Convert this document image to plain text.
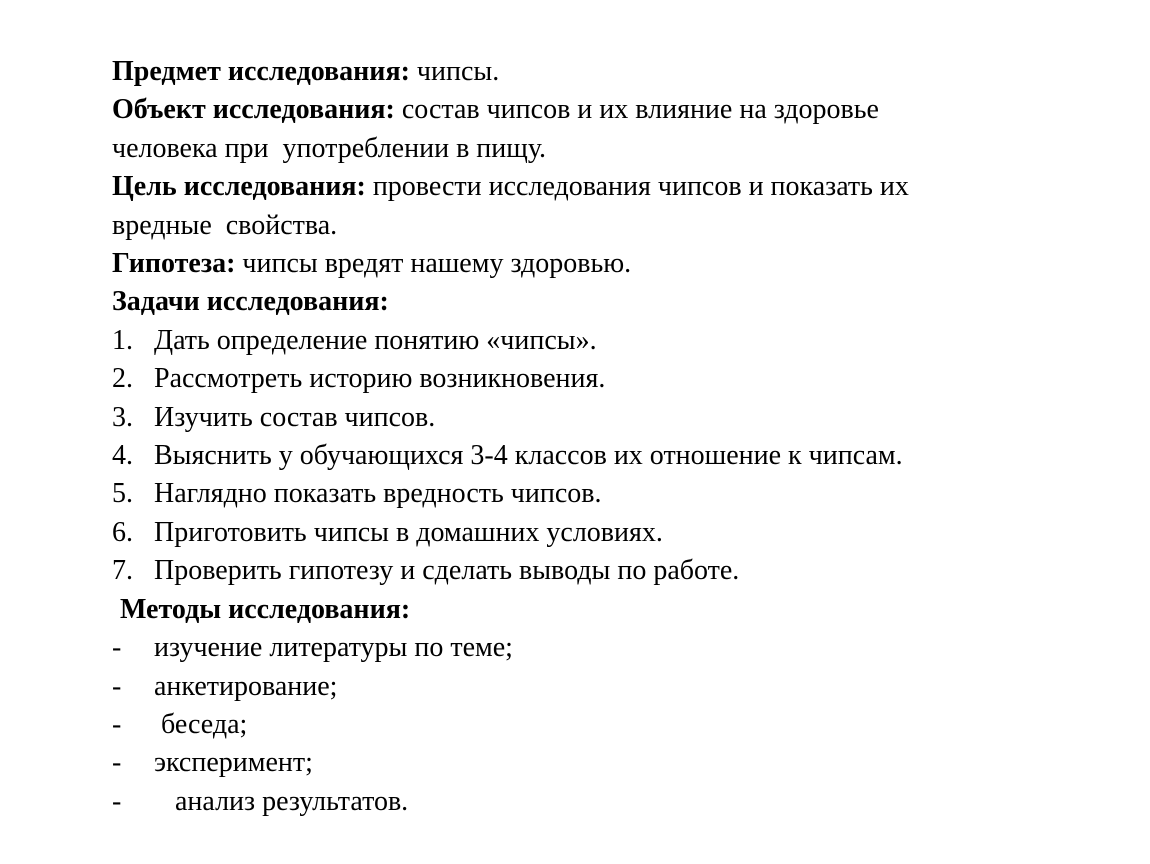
Предмет исследования: чипсы.

Объект исследования: состав чипсов и их влияние на здоровье

человека при  употреблении в пищу.

Цель исследования: провести исследования чипсов и показать их

вредные  свойства.

Гипотеза: чипсы вредят нашему здоровью.

Задачи исследования:

1. Дать определение понятию «чипсы».
2. Рассмотреть историю возникновения.
3. Изучить состав чипсов.
4. Выяснить у обучающихся 3-4 классов их отношение к чипсам.
5. Наглядно показать вредность чипсов.
6. Приготовить чипсы в домашних условиях.
7. Проверить гипотезу и сделать выводы по работе.

Методы исследования:

-	изучение литературы по теме;
-	анкетирование;
-	беседа;
-	эксперимент;
-	анализ результатов.
